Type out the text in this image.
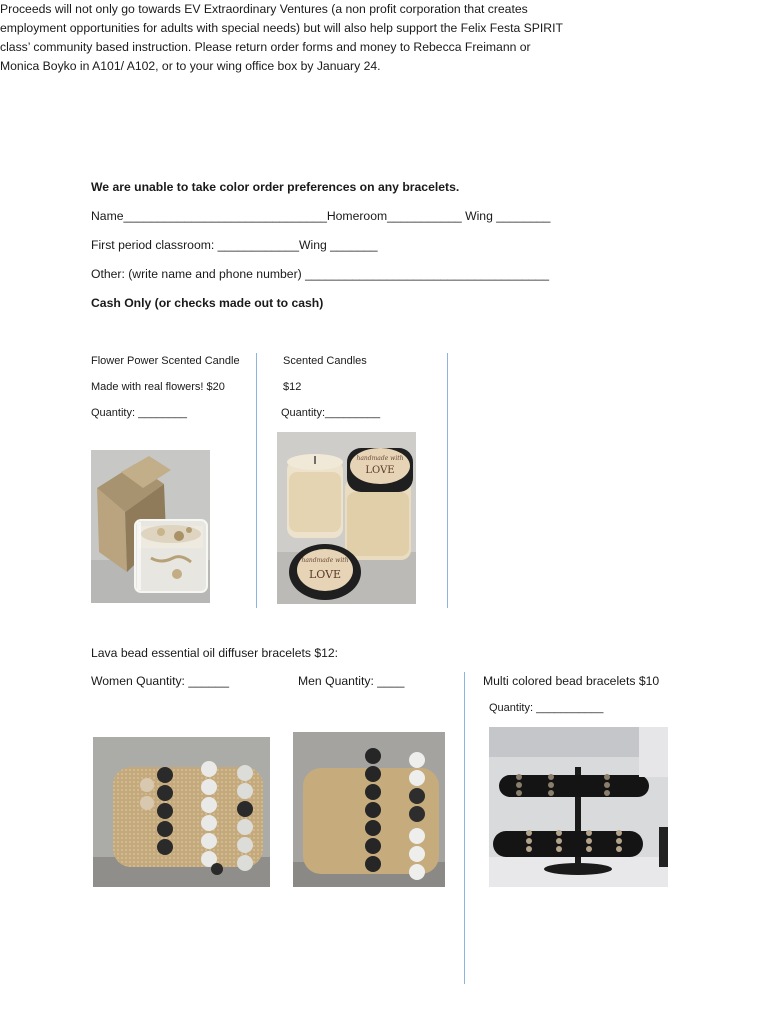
Proceeds will not only go towards EV Extraordinary Ventures (a non profit corporation that creates
employment opportunities for adults with special needs) but will also help support the Felix Festa SPIRIT
class’ community based instruction. Please return order forms and money to Rebecca Freimann or
Monica Boyko in A101/ A102, or to your wing office box by January 24.
We are unable to take color order preferences on any bracelets.
Name______________________________Homeroom___________ Wing ________
First period classroom: ____________Wing _______
Other: (write name and phone number) ____________________________________
Cash Only (or checks made out to cash)
Flower Power Scented Candle
Made with real flowers! $20
Quantity: ________
Scented Candles
$12
Quantity:_________
handmade with
LOVE
handmade with
LOVE
Lava bead essential oil diffuser bracelets $12:
Women Quantity: ______	Men Quantity: ____	Multi colored bead bracelets $10
Quantity: ___________
